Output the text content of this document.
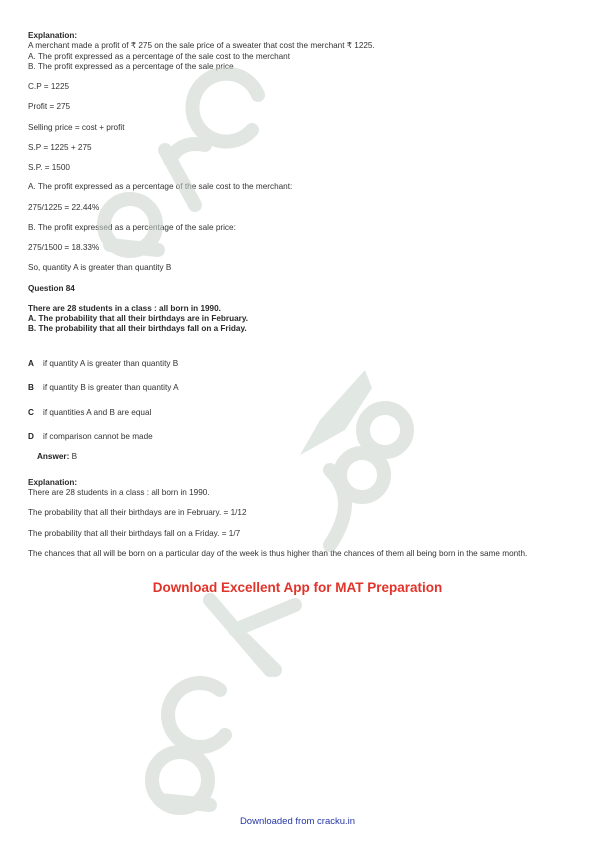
Explanation:
A merchant made a profit of ₹ 275 on the sale price of a sweater that cost the merchant ₹ 1225.
A. The profit expressed as a percentage of the sale cost to the merchant
B. The profit expressed as a percentage of the sale price
C.P = 1225
Profit = 275
Selling price = cost + profit
S.P = 1225 + 275
S.P. = 1500
A. The profit expressed as a percentage of the sale cost to the merchant:
275/1225 = 22.44%
B. The profit expressed as a percentage of the sale price:
275/1500 = 18.33%
So, quantity A is greater than quantity B
Question 84
There are 28 students in a class : all born in 1990.
A. The probability that all their birthdays are in February.
B. The probability that all their birthdays fall on a Friday.
A	if quantity A is greater than quantity B
B	if quantity B is greater than quantity A
C	if quantities A and B are equal
D	if comparison cannot be made
Answer: B
Explanation:
There are 28 students in a class : all born in 1990.
The probability that all their birthdays are in February. = 1/12
The probability that all their birthdays fall on a Friday. = 1/7
The chances that all will be born on a particular day of the week is thus higher than the chances of them all being born in the same month.
Download Excellent App for MAT Preparation
Downloaded from cracku.in
